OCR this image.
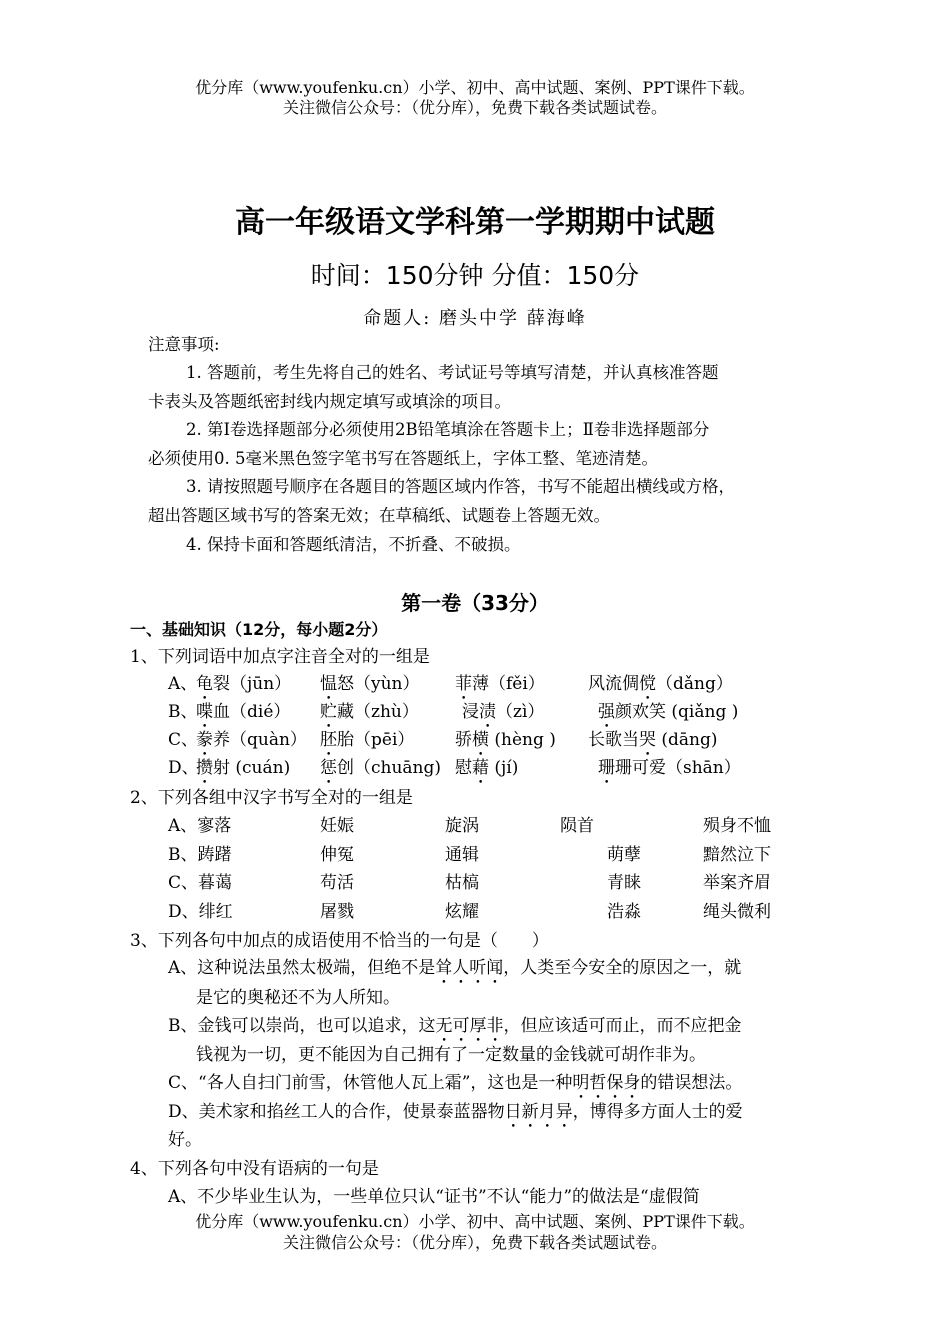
优分库（www.youfenku.cn）小学、初中、高中试题、案例、PPT课件下载。
关注微信公众号：（优分库），免费下载各类试题试卷。
高一年级语文学科第一学期期中试题
时间：150分钟 分值：150分
命题人: 磨头中学 薛海峰
注意事项:
1. 答题前，考生先将自己的姓名、考试证号等填写清楚，并认真核准答题
卡表头及答题纸密封线内规定填写或填涂的项目。
2. 第Ⅰ卷选择题部分必须使用2B铅笔填涂在答题卡上；Ⅱ卷非选择题部分
必须使用0. 5毫米黑色签字笔书写在答题纸上，字体工整、笔迹清楚。
3. 请按照题号顺序在各题目的答题区域内作答，书写不能超出横线或方格，
超出答题区域书写的答案无效；在草稿纸、试题卷上答题无效。
4. 保持卡面和答题纸清洁，不折叠、不破损。
第一卷（33分）
一、基础知识（12分，每小题2分）
1、下列词语中加点字注音全对的一组是
A、
龟裂（jūn） 愠怒（yùn） 菲薄（fěi）	风流倜傥（dǎng）
B、
喋血（dié） 贮藏（zhù）	浸渍（zì）	强颜欢笑 (qiǎng )
C、
豢养（quàn） 胚胎（pēi） 骄横 (hèng ) 长歌当哭 (dāng)
D、
攒射 (cuán) 惩创（chuāng) 慰藉 (jí)	珊珊可爱（shān）
2、下列各组中汉字书写全对的一组是
A、寥落	妊娠	旋涡	陨首	殒身不恤
B、踌躇	伸冤	通辑	萌孽	黯然泣下
C、暮蔼	苟活	枯槁	青睐	举案齐眉
D、绯红	屠戮	炫耀	浩淼	绳头微利
3、下列各句中加点的成语使用不恰当的一句是（　　）
A、这种说法虽然太极端，但绝不是耸人听闻，人类至今安全的原因之一，就
是它的奥秘还不为人所知。
B、金钱可以崇尚，也可以追求，这无可厚非，但应该适可而止，而不应把金
钱视为一切，更不能因为自己拥有了一定数量的金钱就可胡作非为。
C、“各人自扫门前雪，休管他人瓦上霜”，这也是一种明哲保身的错误想法。
D、美术家和掐丝工人的合作，使景泰蓝器物日新月异，博得多方面人士的爱
好。
4、下列各句中没有语病的一句是
A、不少毕业生认为，一些单位只认“证书”不认“能力”的做法是“虚假简
优分库（www.youfenku.cn）小学、初中、高中试题、案例、PPT课件下载。
关注微信公众号：（优分库），免费下载各类试题试卷。
